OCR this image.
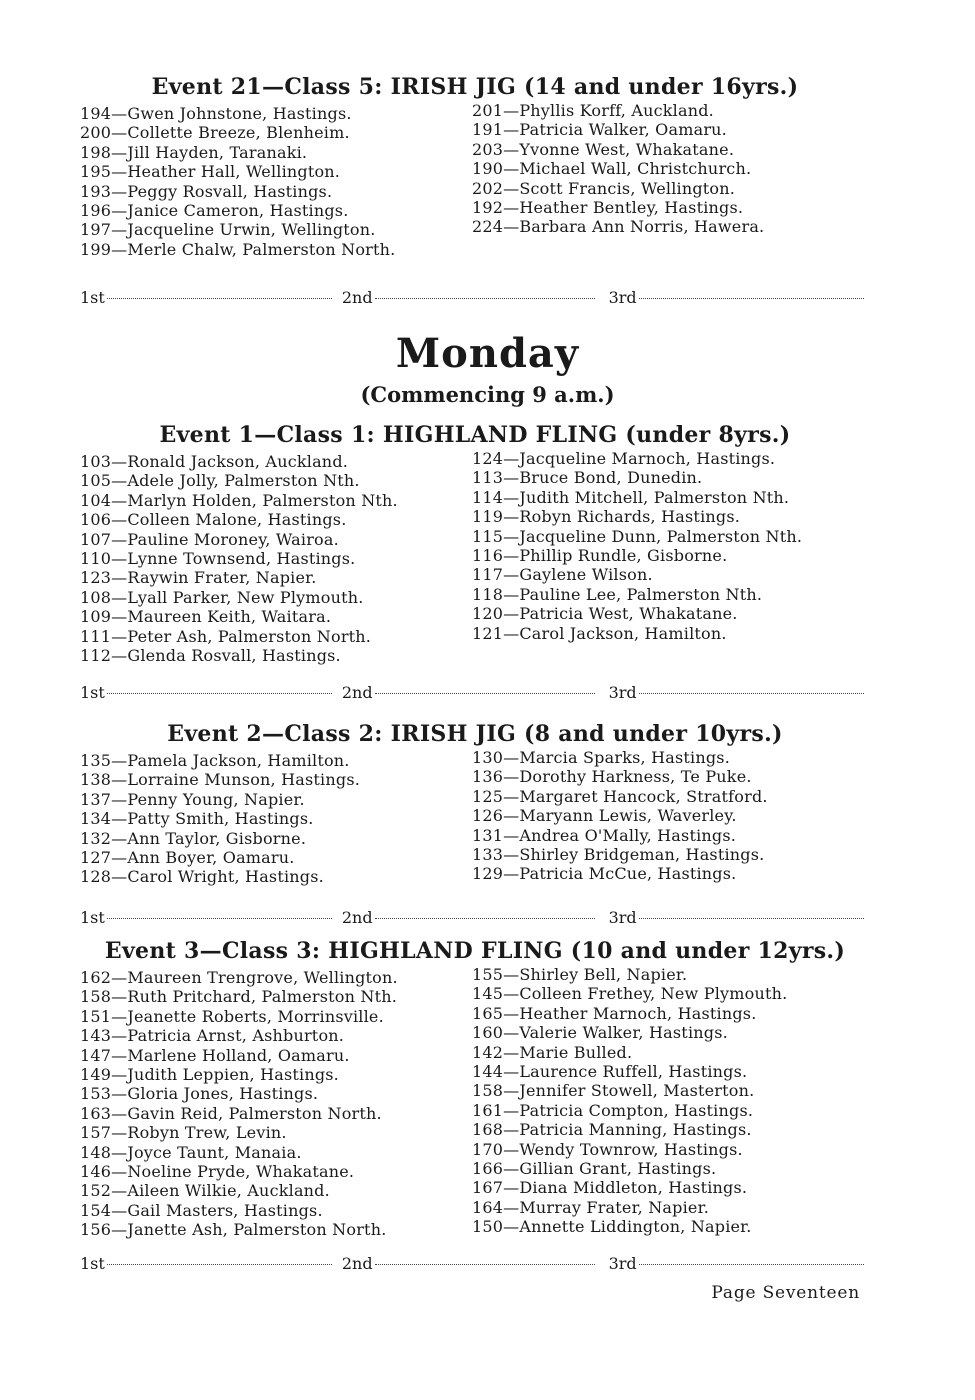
Event 21—Class 5: IRISH JIG (14 and under 16yrs.)
194—Gwen Johnstone, Hastings.
200—Collette Breeze, Blenheim.
198—Jill Hayden, Taranaki.
195—Heather Hall, Wellington.
193—Peggy Rosvall, Hastings.
196—Janice Cameron, Hastings.
197—Jacqueline Urwin, Wellington.
199—Merle Chalw, Palmerston North.
201—Phyllis Korff, Auckland.
191—Patricia Walker, Oamaru.
203—Yvonne West, Whakatane.
190—Michael Wall, Christchurch.
202—Scott Francis, Wellington.
192—Heather Bentley, Hastings.
224—Barbara Ann Norris, Hawera.
1st	2nd	3rd
Monday

(Commencing 9 a.m.)

Event 1—Class 1: HIGHLAND FLING (under 8yrs.)
103—Ronald Jackson, Auckland.
105—Adele Jolly, Palmerston Nth.
104—Marlyn Holden, Palmerston Nth.
106—Colleen Malone, Hastings.
107—Pauline Moroney, Wairoa.
110—Lynne Townsend, Hastings.
123—Raywin Frater, Napier.
108—Lyall Parker, New Plymouth.
109—Maureen Keith, Waitara.
111—Peter Ash, Palmerston North.
112—Glenda Rosvall, Hastings.
124—Jacqueline Marnoch, Hastings.
113—Bruce Bond, Dunedin.
114—Judith Mitchell, Palmerston Nth.
119—Robyn Richards, Hastings.
115—Jacqueline Dunn, Palmerston Nth.
116—Phillip Rundle, Gisborne.
117—Gaylene Wilson.
118—Pauline Lee, Palmerston Nth.
120—Patricia West, Whakatane.
121—Carol Jackson, Hamilton.
1st	2nd	3rd
Event 2—Class 2: IRISH JIG (8 and under 10yrs.)
135—Pamela Jackson, Hamilton.
138—Lorraine Munson, Hastings.
137—Penny Young, Napier.
134—Patty Smith, Hastings.
132—Ann Taylor, Gisborne.
127—Ann Boyer, Oamaru.
128—Carol Wright, Hastings.
130—Marcia Sparks, Hastings.
136—Dorothy Harkness, Te Puke.
125—Margaret Hancock, Stratford.
126—Maryann Lewis, Waverley.
131—Andrea O'Mally, Hastings.
133—Shirley Bridgeman, Hastings.
129—Patricia McCue, Hastings.
1st	2nd	3rd
Event 3—Class 3: HIGHLAND FLING (10 and under 12yrs.)
162—Maureen Trengrove, Wellington.
158—Ruth Pritchard, Palmerston Nth.
151—Jeanette Roberts, Morrinsville.
143—Patricia Arnst, Ashburton.
147—Marlene Holland, Oamaru.
149—Judith Leppien, Hastings.
153—Gloria Jones, Hastings.
163—Gavin Reid, Palmerston North.
157—Robyn Trew, Levin.
148—Joyce Taunt, Manaia.
146—Noeline Pryde, Whakatane.
152—Aileen Wilkie, Auckland.
154—Gail Masters, Hastings.
156—Janette Ash, Palmerston North.
155—Shirley Bell, Napier.
145—Colleen Frethey, New Plymouth.
165—Heather Marnoch, Hastings.
160—Valerie Walker, Hastings.
142—Marie Bulled.
144—Laurence Ruffell, Hastings.
158—Jennifer Stowell, Masterton.
161—Patricia Compton, Hastings.
168—Patricia Manning, Hastings.
170—Wendy Townrow, Hastings.
166—Gillian Grant, Hastings.
167—Diana Middleton, Hastings.
164—Murray Frater, Napier.
150—Annette Liddington, Napier.
1st	2nd	3rd
Page Seventeen
